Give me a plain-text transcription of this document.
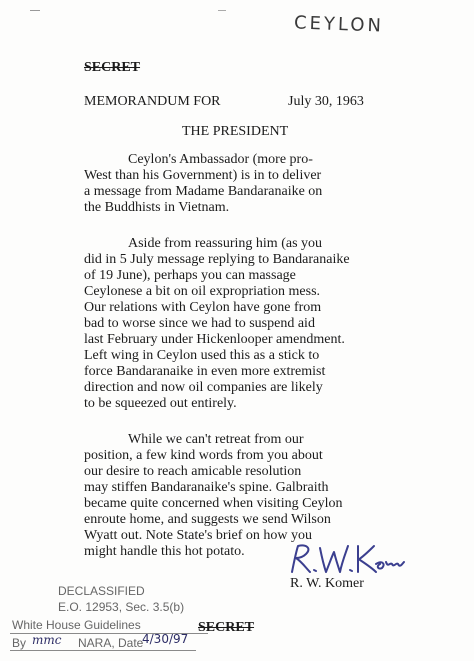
CEYLON
SECRET
MEMORANDUM FOR	July 30, 1963
THE PRESIDENT
Ceylon's Ambassador (more pro-
West than his Government) is in to deliver
a message from Madame Bandaranaike on
the Buddhists in Vietnam.
Aside from reassuring him (as you
did in 5 July message replying to Bandaranaike
of 19 June), perhaps you can massage
Ceylonese a bit on oil expropriation mess.
Our relations with Ceylon have gone from
bad to worse since we had to suspend aid
last February under Hickenlooper amendment.
Left wing in Ceylon used this as a stick to
force Bandaranaike in even more extremist
direction and now oil companies are likely
to be squeezed out entirely.
While we can't retreat from our
position, a few kind words from you about
our desire to reach amicable resolution
may stiffen Bandaranaike's spine. Galbraith
became quite concerned when visiting Ceylon
enroute home, and suggests we send Wilson
Wyatt out. Note State's brief on how you
might handle this hot potato.
R. W. Komer
DECLASSIFIED
E.O. 12953, Sec. 3.5(b)
White House Guidelines
By mmc NARA, Date
4/30/97
SECRET
